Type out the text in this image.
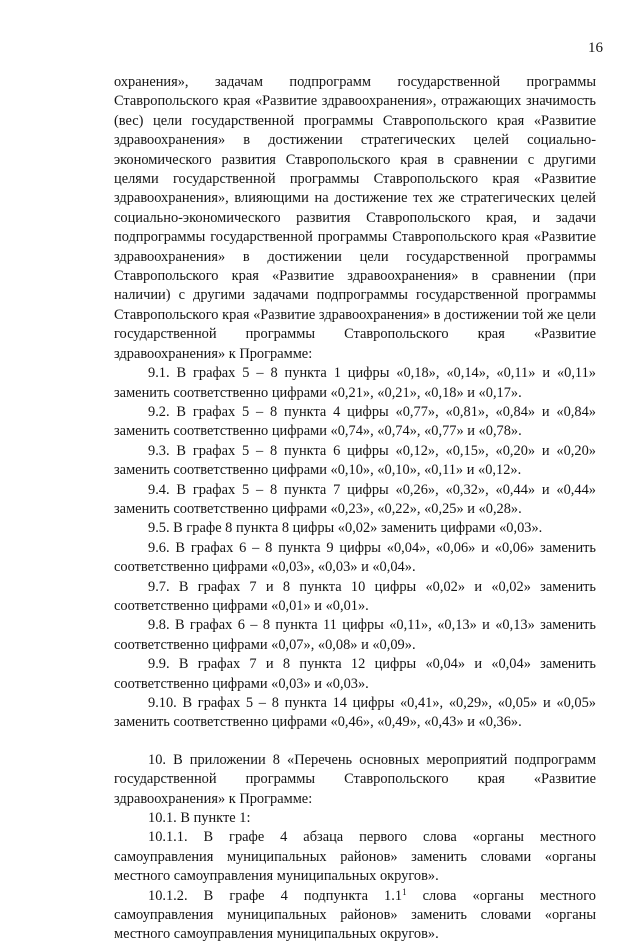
16

охранения», задачам подпрограмм государственной программы Ставропольского края «Развитие здравоохранения», отражающих значимость (вес) цели государственной программы Ставропольского края «Развитие здравоохранения» в достижении стратегических целей социально-экономического развития Ставропольского края в сравнении с другими целями государственной программы Ставропольского края «Развитие здравоохранения», влияющими на достижение тех же стратегических целей социально-экономического развития Ставропольского края, и задачи подпрограммы государственной программы Ставропольского края «Развитие здравоохранения» в достижении цели государственной программы Ставропольского края «Развитие здравоохранения» в сравнении (при наличии) с другими задачами подпрограммы государственной программы Ставропольского края «Развитие здравоохранения» в достижении той же цели государственной программы Ставропольского края «Развитие здравоохранения» к Программе:

9.1. В графах 5 – 8 пункта 1 цифры «0,18», «0,14», «0,11» и «0,11» заменить соответственно цифрами «0,21», «0,21», «0,18» и «0,17».

9.2. В графах 5 – 8 пункта 4 цифры «0,77», «0,81», «0,84» и «0,84» заменить соответственно цифрами «0,74», «0,74», «0,77» и «0,78».

9.3. В графах 5 – 8 пункта 6 цифры «0,12», «0,15», «0,20» и «0,20» заменить соответственно цифрами «0,10», «0,10», «0,11» и «0,12».

9.4. В графах 5 – 8 пункта 7 цифры «0,26», «0,32», «0,44» и «0,44» заменить соответственно цифрами «0,23», «0,22», «0,25» и «0,28».

9.5. В графе 8 пункта 8 цифры «0,02» заменить цифрами «0,03».

9.6. В графах 6 – 8 пункта 9 цифры «0,04», «0,06» и «0,06» заменить соответственно цифрами «0,03», «0,03» и «0,04».

9.7. В графах 7 и 8 пункта 10 цифры «0,02» и «0,02» заменить соответственно цифрами «0,01» и «0,01».

9.8. В графах 6 – 8 пункта 11 цифры «0,11», «0,13» и «0,13» заменить соответственно цифрами «0,07», «0,08» и «0,09».

9.9. В графах 7 и 8 пункта 12 цифры «0,04» и «0,04» заменить соответственно цифрами «0,03» и «0,03».

9.10. В графах 5 – 8 пункта 14 цифры «0,41», «0,29», «0,05» и «0,05» заменить соответственно цифрами «0,46», «0,49», «0,43» и «0,36».

10. В приложении 8 «Перечень основных мероприятий подпрограмм государственной программы Ставропольского края «Развитие здравоохранения» к Программе:

10.1. В пункте 1:

10.1.1. В графе 4 абзаца первого слова «органы местного самоуправления муниципальных районов» заменить словами «органы местного самоуправления муниципальных округов».

10.1.2. В графе 4 подпункта $1.1^1$ слова «органы местного самоуправления муниципальных районов» заменить словами «органы местного самоуправления муниципальных округов».
